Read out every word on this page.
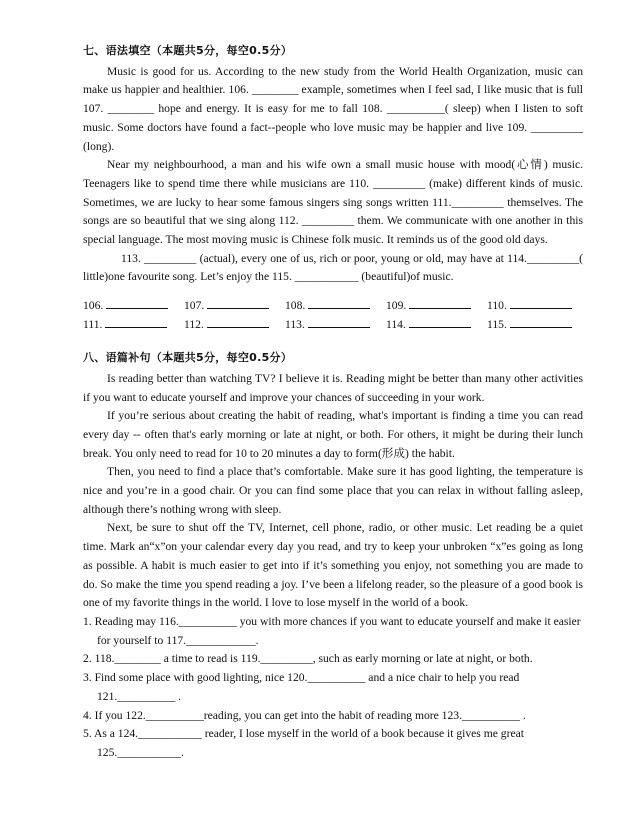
七、语法填空（本题共5分，每空0.5分）
Music is good for us. According to the new study from the World Health Organization, music can make us happier and healthier. 106. ________ example, sometimes when I feel sad, I like music that is full 107. ________ hope and energy. It is easy for me to fall 108. __________( sleep) when I listen to soft music. Some doctors have found a fact--people who love music may be happier and live 109. _________ (long).
Near my neighbourhood, a man and his wife own a small music house with mood(心情) music. Teenagers like to spend time there while musicians are 110. _________ (make) different kinds of music. Sometimes, we are lucky to hear some famous singers sing songs written 111._________ themselves. The songs are so beautiful that we sing along 112. _________ them. We communicate with one another in this special language. The most moving music is Chinese folk music. It reminds us of the good old days.
113. _________ (actual), every one of us, rich or poor, young or old, may have at 114._________( little)one favourite song. Let’s enjoy the 115. ___________ (beautiful)of music.
106.	107.	108.	109.	110.
111.	112.	113.	114.	115.
八、语篇补句（本题共5分，每空0.5分）
Is reading better than watching TV? I believe it is. Reading might be better than many other activities if you want to educate yourself and improve your chances of succeeding in your work.
If you’re serious about creating the habit of reading, what's important is finding a time you can read every day -- often that's early morning or late at night, or both. For others, it might be during their lunch break. You only need to read for 10 to 20 minutes a day to form(形成) the habit.
Then, you need to find a place that’s comfortable. Make sure it has good lighting, the temperature is nice and you’re in a good chair. Or you can find some place that you can relax in without falling asleep, although there’s nothing wrong with sleep.
Next, be sure to shut off the TV, Internet, cell phone, radio, or other music. Let reading be a quiet time. Mark an“x”on your calendar every day you read, and try to keep your unbroken “x”es going as long as possible. A habit is much easier to get into if it’s something you enjoy, not something you are made to do. So make the time you spend reading a joy. I’ve been a lifelong reader, so the pleasure of a good book is one of my favorite things in the world. I love to lose myself in the world of a book.
1. Reading may 116.__________ you with more chances if you want to educate yourself and make it easier for yourself to 117.____________.
2. 118.________ a time to read is 119._________, such as early morning or late at night, or both.
3. Find some place with good lighting, nice 120.__________ and a nice chair to help you read 121.__________ .
4. If you 122.__________reading, you can get into the habit of reading more 123.__________ .
5. As a 124.___________ reader, I lose myself in the world of a book because it gives me great 125.___________.
